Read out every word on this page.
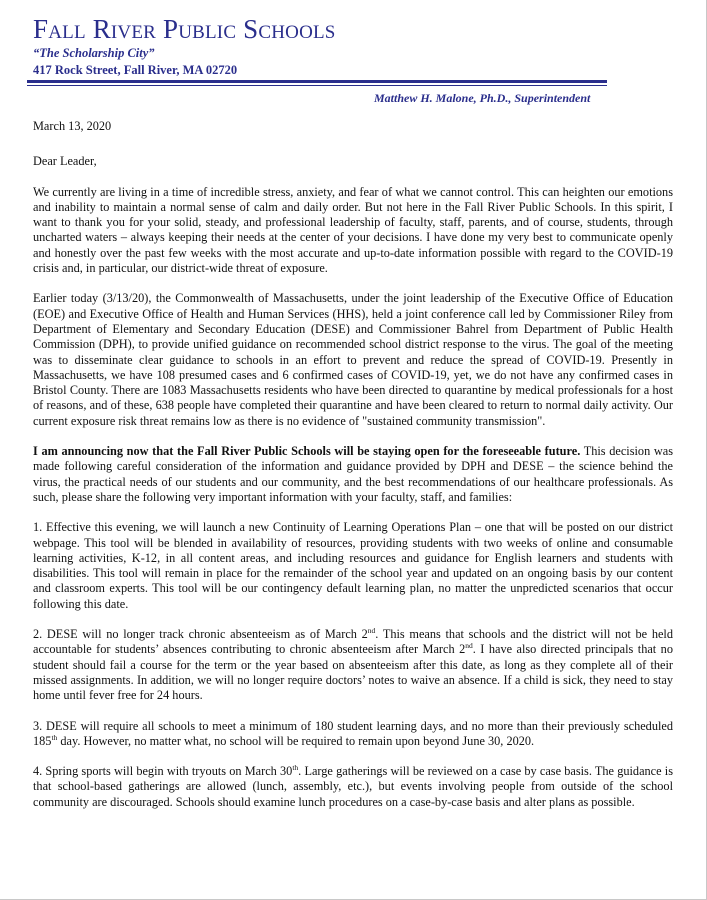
Fall River Public Schools
“The Scholarship City”
417 Rock Street, Fall River, MA 02720
Matthew H. Malone, Ph.D., Superintendent

March 13, 2020

Dear Leader,

We currently are living in a time of incredible stress, anxiety, and fear of what we cannot control. This can heighten our emotions and inability to maintain a normal sense of calm and daily order. But not here in the Fall River Public Schools. In this spirit, I want to thank you for your solid, steady, and professional leadership of faculty, staff, parents, and of course, students, through uncharted waters – always keeping their needs at the center of your decisions. I have done my very best to communicate openly and honestly over the past few weeks with the most accurate and up-to-date information possible with regard to the COVID-19 crisis and, in particular, our district-wide threat of exposure.

Earlier today (3/13/20), the Commonwealth of Massachusetts, under the joint leadership of the Executive Office of Education (EOE) and Executive Office of Health and Human Services (HHS), held a joint conference call led by Commissioner Riley from Department of Elementary and Secondary Education (DESE) and Commissioner Bahrel from Department of Public Health Commission (DPH), to provide unified guidance on recommended school district response to the virus. The goal of the meeting was to disseminate clear guidance to schools in an effort to prevent and reduce the spread of COVID-19. Presently in Massachusetts, we have 108 presumed cases and 6 confirmed cases of COVID-19, yet, we do not have any confirmed cases in Bristol County. There are 1083 Massachusetts residents who have been directed to quarantine by medical professionals for a host of reasons, and of these, 638 people have completed their quarantine and have been cleared to return to normal daily activity. Our current exposure risk threat remains low as there is no evidence of "sustained community transmission".

I am announcing now that the Fall River Public Schools will be staying open for the foreseeable future. This decision was made following careful consideration of the information and guidance provided by DPH and DESE – the science behind the virus, the practical needs of our students and our community, and the best recommendations of our healthcare professionals. As such, please share the following very important information with your faculty, staff, and families:

1. Effective this evening, we will launch a new Continuity of Learning Operations Plan – one that will be posted on our district webpage. This tool will be blended in availability of resources, providing students with two weeks of online and consumable learning activities, K-12, in all content areas, and including resources and guidance for English learners and students with disabilities. This tool will remain in place for the remainder of the school year and updated on an ongoing basis by our content and classroom experts. This tool will be our contingency default learning plan, no matter the unpredicted scenarios that occur following this date.

2. DESE will no longer track chronic absenteeism as of March 2nd. This means that schools and the district will not be held accountable for students’ absences contributing to chronic absenteeism after March 2nd. I have also directed principals that no student should fail a course for the term or the year based on absenteeism after this date, as long as they complete all of their missed assignments. In addition, we will no longer require doctors’ notes to waive an absence. If a child is sick, they need to stay home until fever free for 24 hours.

3. DESE will require all schools to meet a minimum of 180 student learning days, and no more than their previously scheduled 185th day. However, no matter what, no school will be required to remain upon beyond June 30, 2020.

4. Spring sports will begin with tryouts on March 30th. Large gatherings will be reviewed on a case by case basis. The guidance is that school-based gatherings are allowed (lunch, assembly, etc.), but events involving people from outside of the school community are discouraged. Schools should examine lunch procedures on a case-by-case basis and alter plans as possible.
